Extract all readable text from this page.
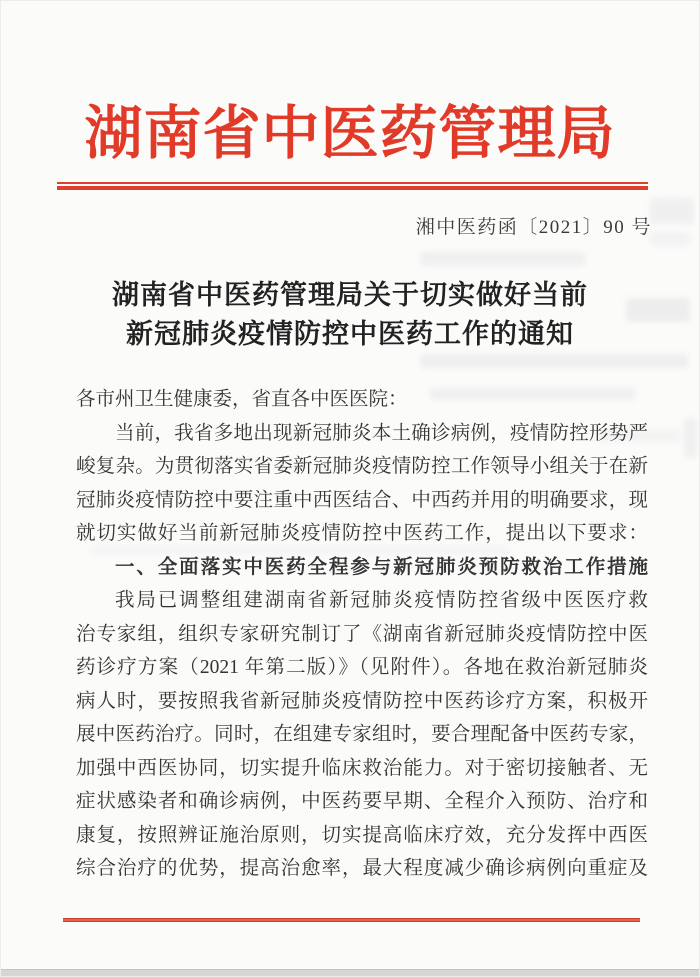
湖南省中医药管理局
湘中医药函〔2021〕90 号
湖南省中医药管理局关于切实做好当前
新冠肺炎疫情防控中医药工作的通知
各市州卫生健康委，省直各中医医院：
当前，我省多地出现新冠肺炎本土确诊病例，疫情防控形势严
峻复杂。为贯彻落实省委新冠肺炎疫情防控工作领导小组关于在新
冠肺炎疫情防控中要注重中西医结合、中西药并用的明确要求，现
就切实做好当前新冠肺炎疫情防控中医药工作，提出以下要求：
一、全面落实中医药全程参与新冠肺炎预防救治工作措施
我局已调整组建湖南省新冠肺炎疫情防控省级中医医疗救
治专家组，组织专家研究制订了《湖南省新冠肺炎疫情防控中医
药诊疗方案（2021 年第二版）》（见附件）。各地在救治新冠肺炎
病人时，要按照我省新冠肺炎疫情防控中医药诊疗方案，积极开
展中医药治疗。同时，在组建专家组时，要合理配备中医药专家，
加强中西医协同，切实提升临床救治能力。对于密切接触者、无
症状感染者和确诊病例，中医药要早期、全程介入预防、治疗和
康复，按照辨证施治原则，切实提高临床疗效，充分发挥中西医
综合治疗的优势，提高治愈率，最大程度减少确诊病例向重症及
